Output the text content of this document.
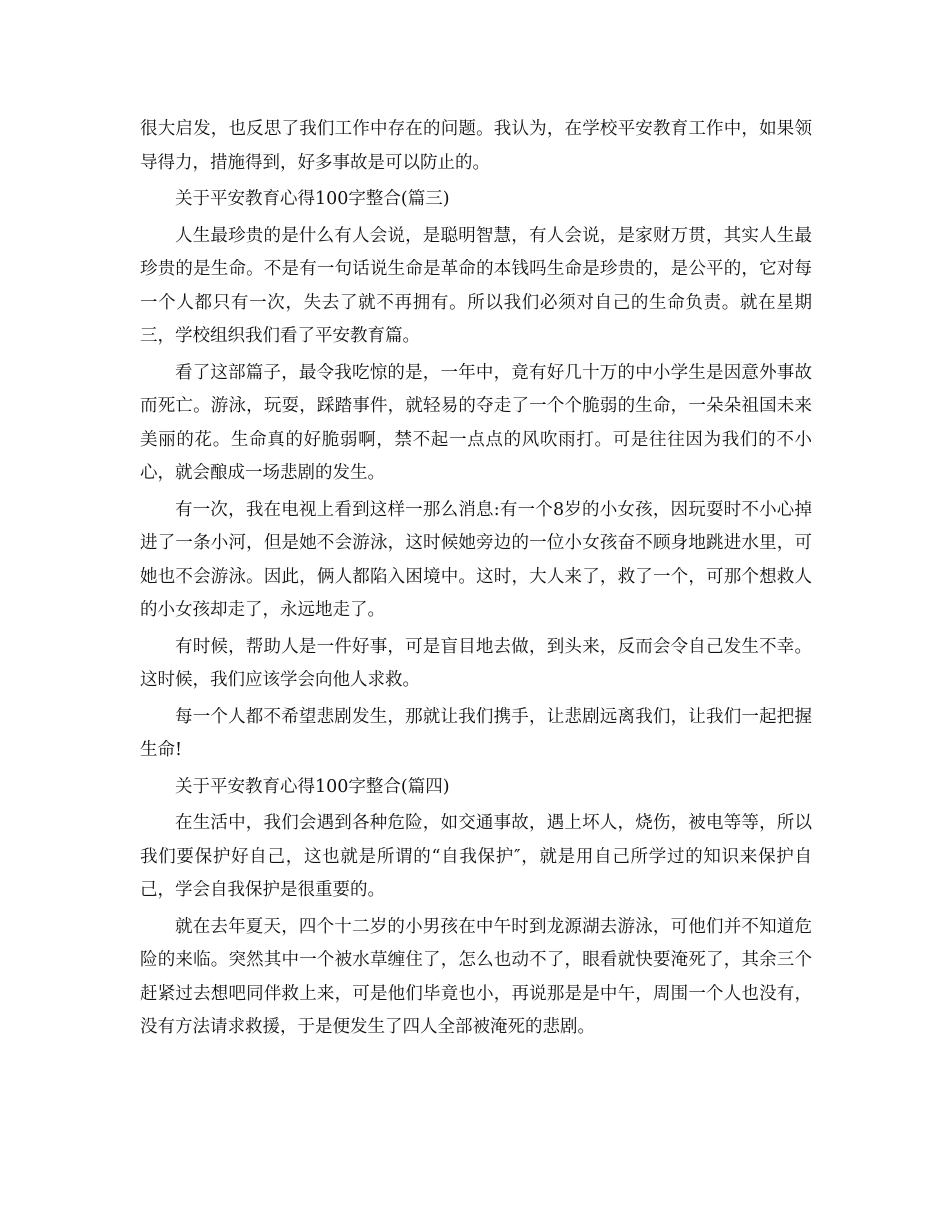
很大启发，也反思了我们工作中存在的问题。我认为，在学校平安教育工作中，如果领导得力，措施得到，好多事故是可以防止的。

关于平安教育心得100字整合(篇三)

人生最珍贵的是什么有人会说，是聪明智慧，有人会说，是家财万贯，其实人生最珍贵的是生命。不是有一句话说生命是革命的本钱吗生命是珍贵的，是公平的，它对每一个人都只有一次，失去了就不再拥有。所以我们必须对自己的生命负责。就在星期三，学校组织我们看了平安教育篇。

看了这部篇子，最令我吃惊的是，一年中，竟有好几十万的中小学生是因意外事故而死亡。游泳，玩耍，踩踏事件，就轻易的夺走了一个个脆弱的生命，一朵朵祖国未来美丽的花。生命真的好脆弱啊，禁不起一点点的风吹雨打。可是往往因为我们的不小心，就会酿成一场悲剧的发生。

有一次，我在电视上看到这样一那么消息:有一个8岁的小女孩，因玩耍时不小心掉进了一条小河，但是她不会游泳，这时候她旁边的一位小女孩奋不顾身地跳进水里，可她也不会游泳。因此，俩人都陷入困境中。这时，大人来了，救了一个，可那个想救人的小女孩却走了，永远地走了。

有时候，帮助人是一件好事，可是盲目地去做，到头来，反而会令自己发生不幸。这时候，我们应该学会向他人求救。

每一个人都不希望悲剧发生，那就让我们携手，让悲剧远离我们，让我们一起把握生命!

关于平安教育心得100字整合(篇四)

在生活中，我们会遇到各种危险，如交通事故，遇上坏人，烧伤，被电等等，所以我们要保护好自己，这也就是所谓的“自我保护″，就是用自己所学过的知识来保护自己，学会自我保护是很重要的。

就在去年夏天，四个十二岁的小男孩在中午时到龙源湖去游泳，可他们并不知道危险的来临。突然其中一个被水草缠住了，怎么也动不了，眼看就快要淹死了，其余三个赶紧过去想吧同伴救上来，可是他们毕竟也小，再说那是是中午，周围一个人也没有，没有方法请求救援，于是便发生了四人全部被淹死的悲剧。
